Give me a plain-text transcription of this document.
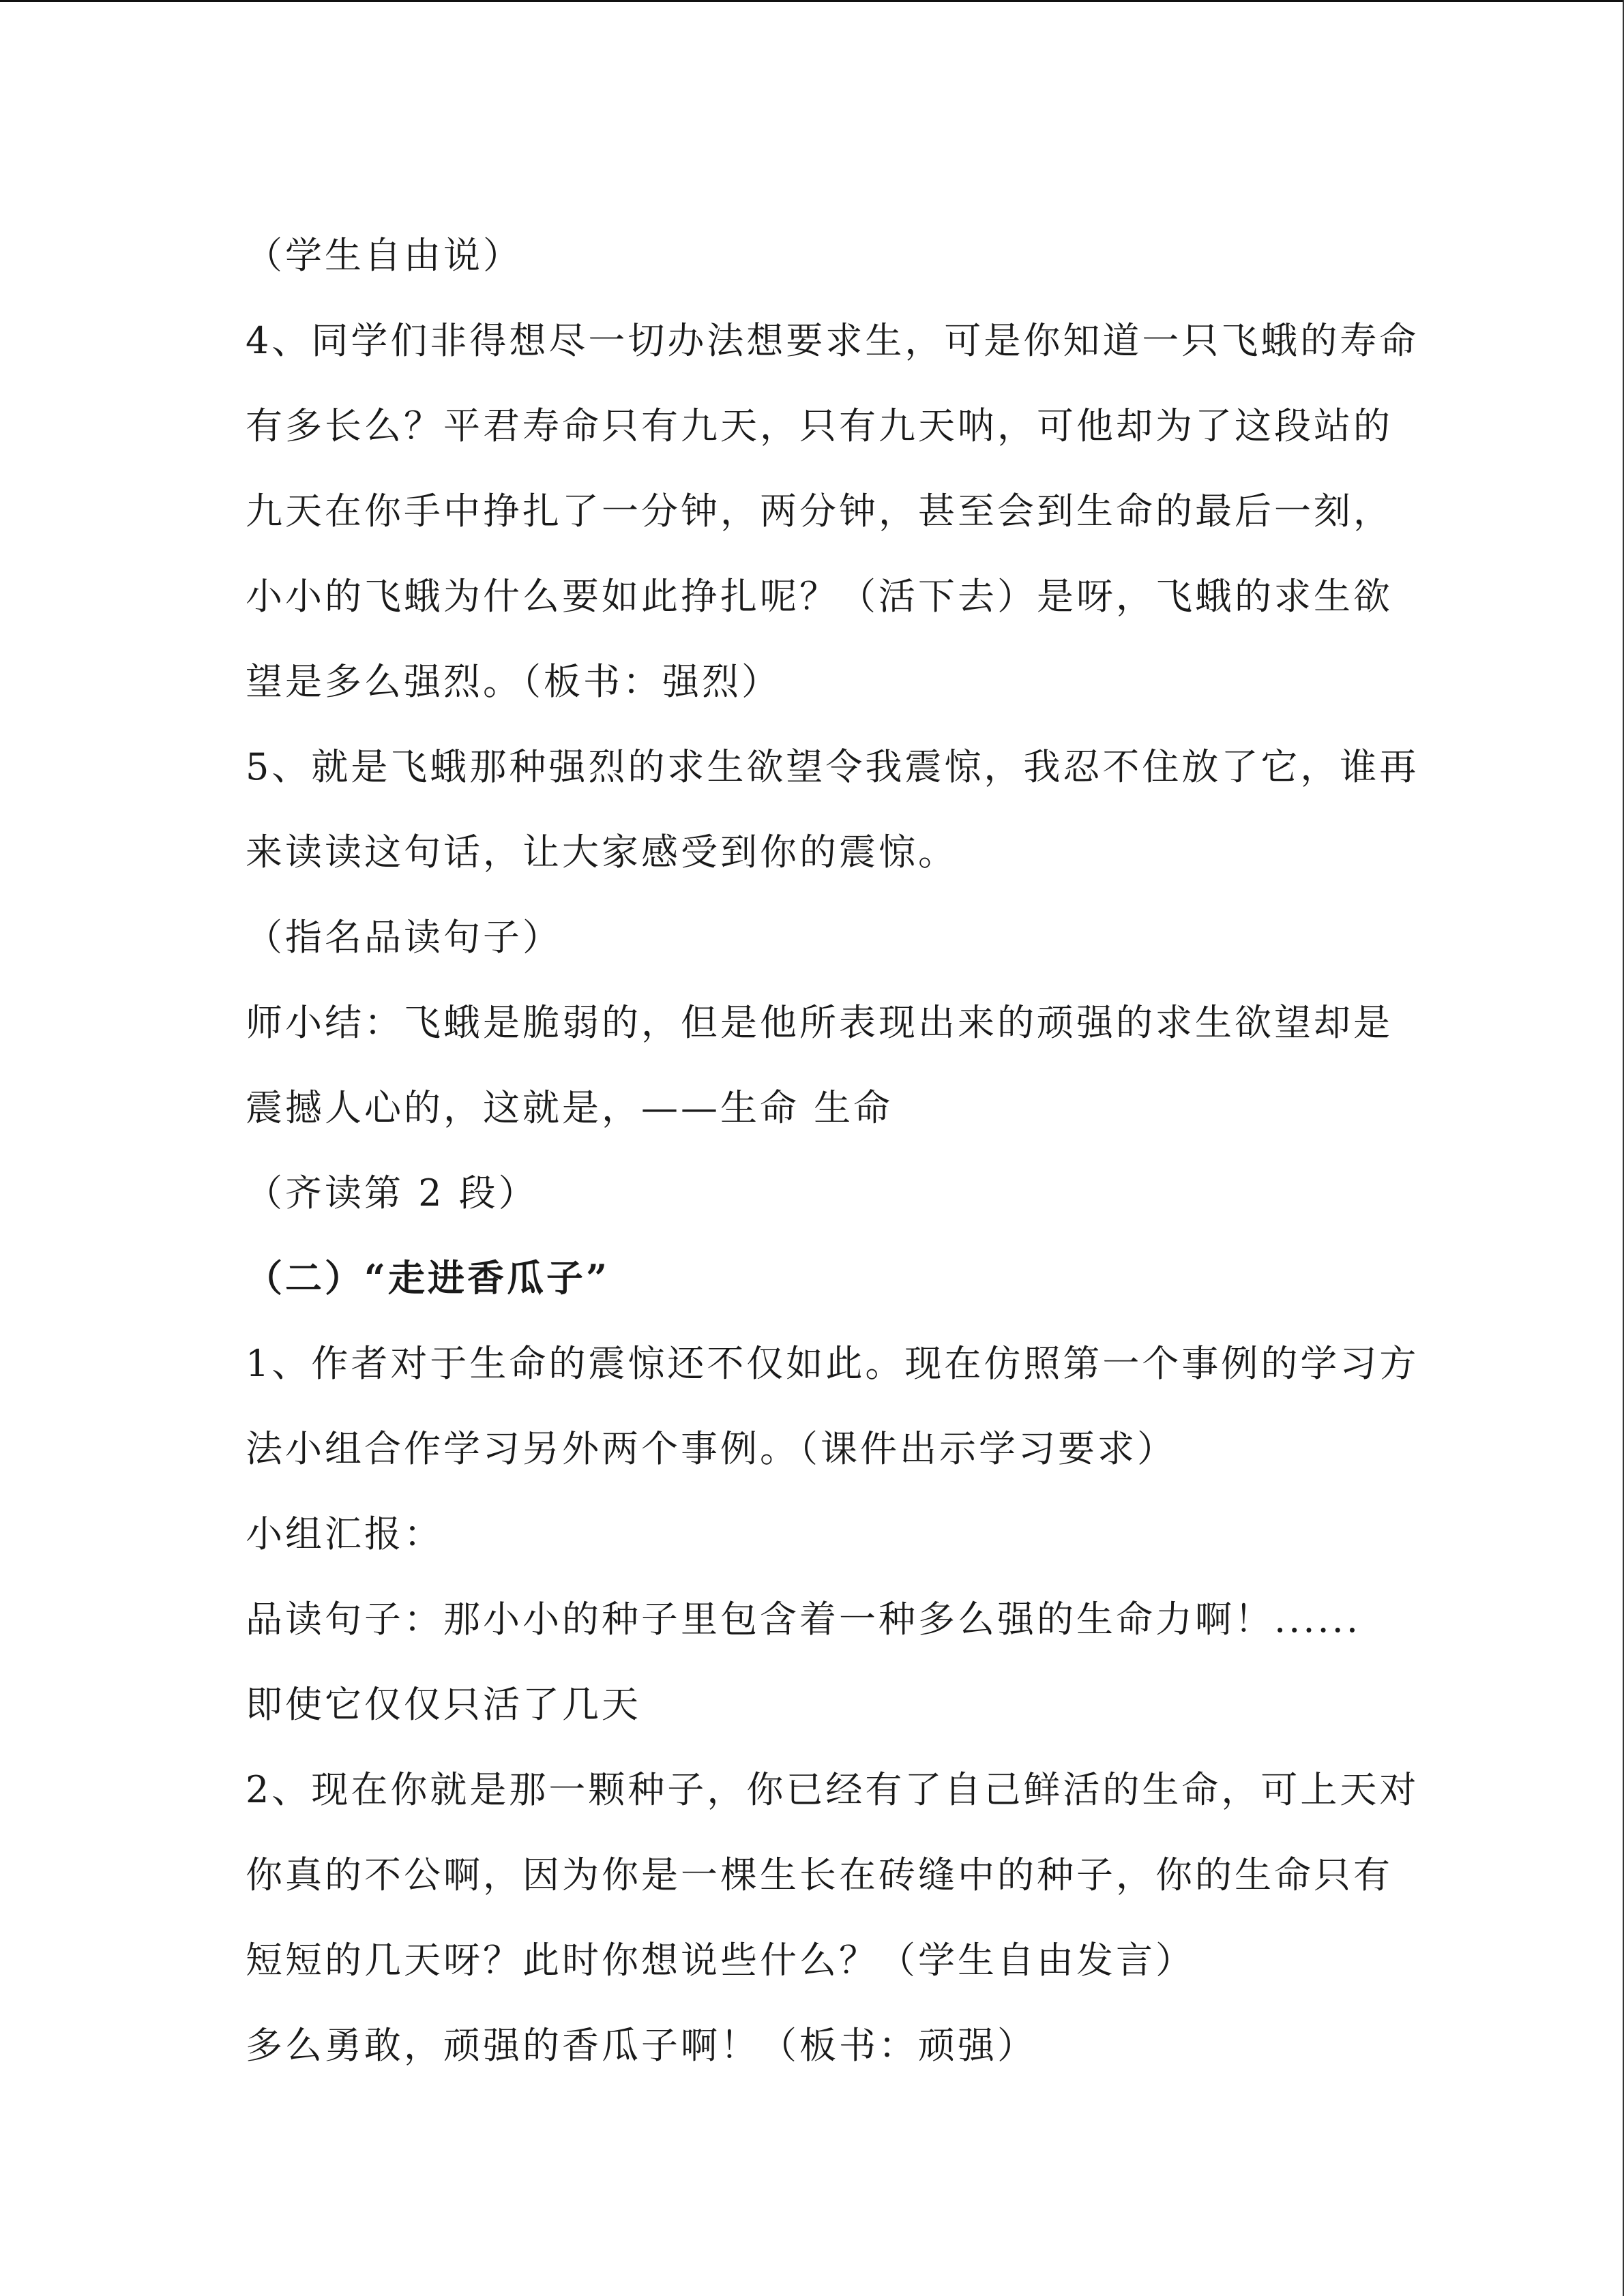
（学生自由说）
4、同学们非得想尽一切办法想要求生，可是你知道一只飞蛾的寿命
有多长么？平君寿命只有九天，只有九天呐，可他却为了这段站的
九天在你手中挣扎了一分钟，两分钟，甚至会到生命的最后一刻，
小小的飞蛾为什么要如此挣扎呢？（活下去）是呀，飞蛾的求生欲
望是多么强烈。（板书：强烈）
5、就是飞蛾那种强烈的求生欲望令我震惊，我忍不住放了它，谁再
来读读这句话，让大家感受到你的震惊。
（指名品读句子）
师小结：飞蛾是脆弱的，但是他所表现出来的顽强的求生欲望却是
震撼人心的，这就是，——生命 生命
（齐读第 2 段）
（二）“走进香瓜子”
1、作者对于生命的震惊还不仅如此。现在仿照第一个事例的学习方
法小组合作学习另外两个事例。（课件出示学习要求）
小组汇报：
品读句子：那小小的种子里包含着一种多么强的生命力啊！......
即使它仅仅只活了几天
2、现在你就是那一颗种子，你已经有了自己鲜活的生命，可上天对
你真的不公啊，因为你是一棵生长在砖缝中的种子，你的生命只有
短短的几天呀？此时你想说些什么？（学生自由发言）
多么勇敢，顽强的香瓜子啊！（板书：顽强）
